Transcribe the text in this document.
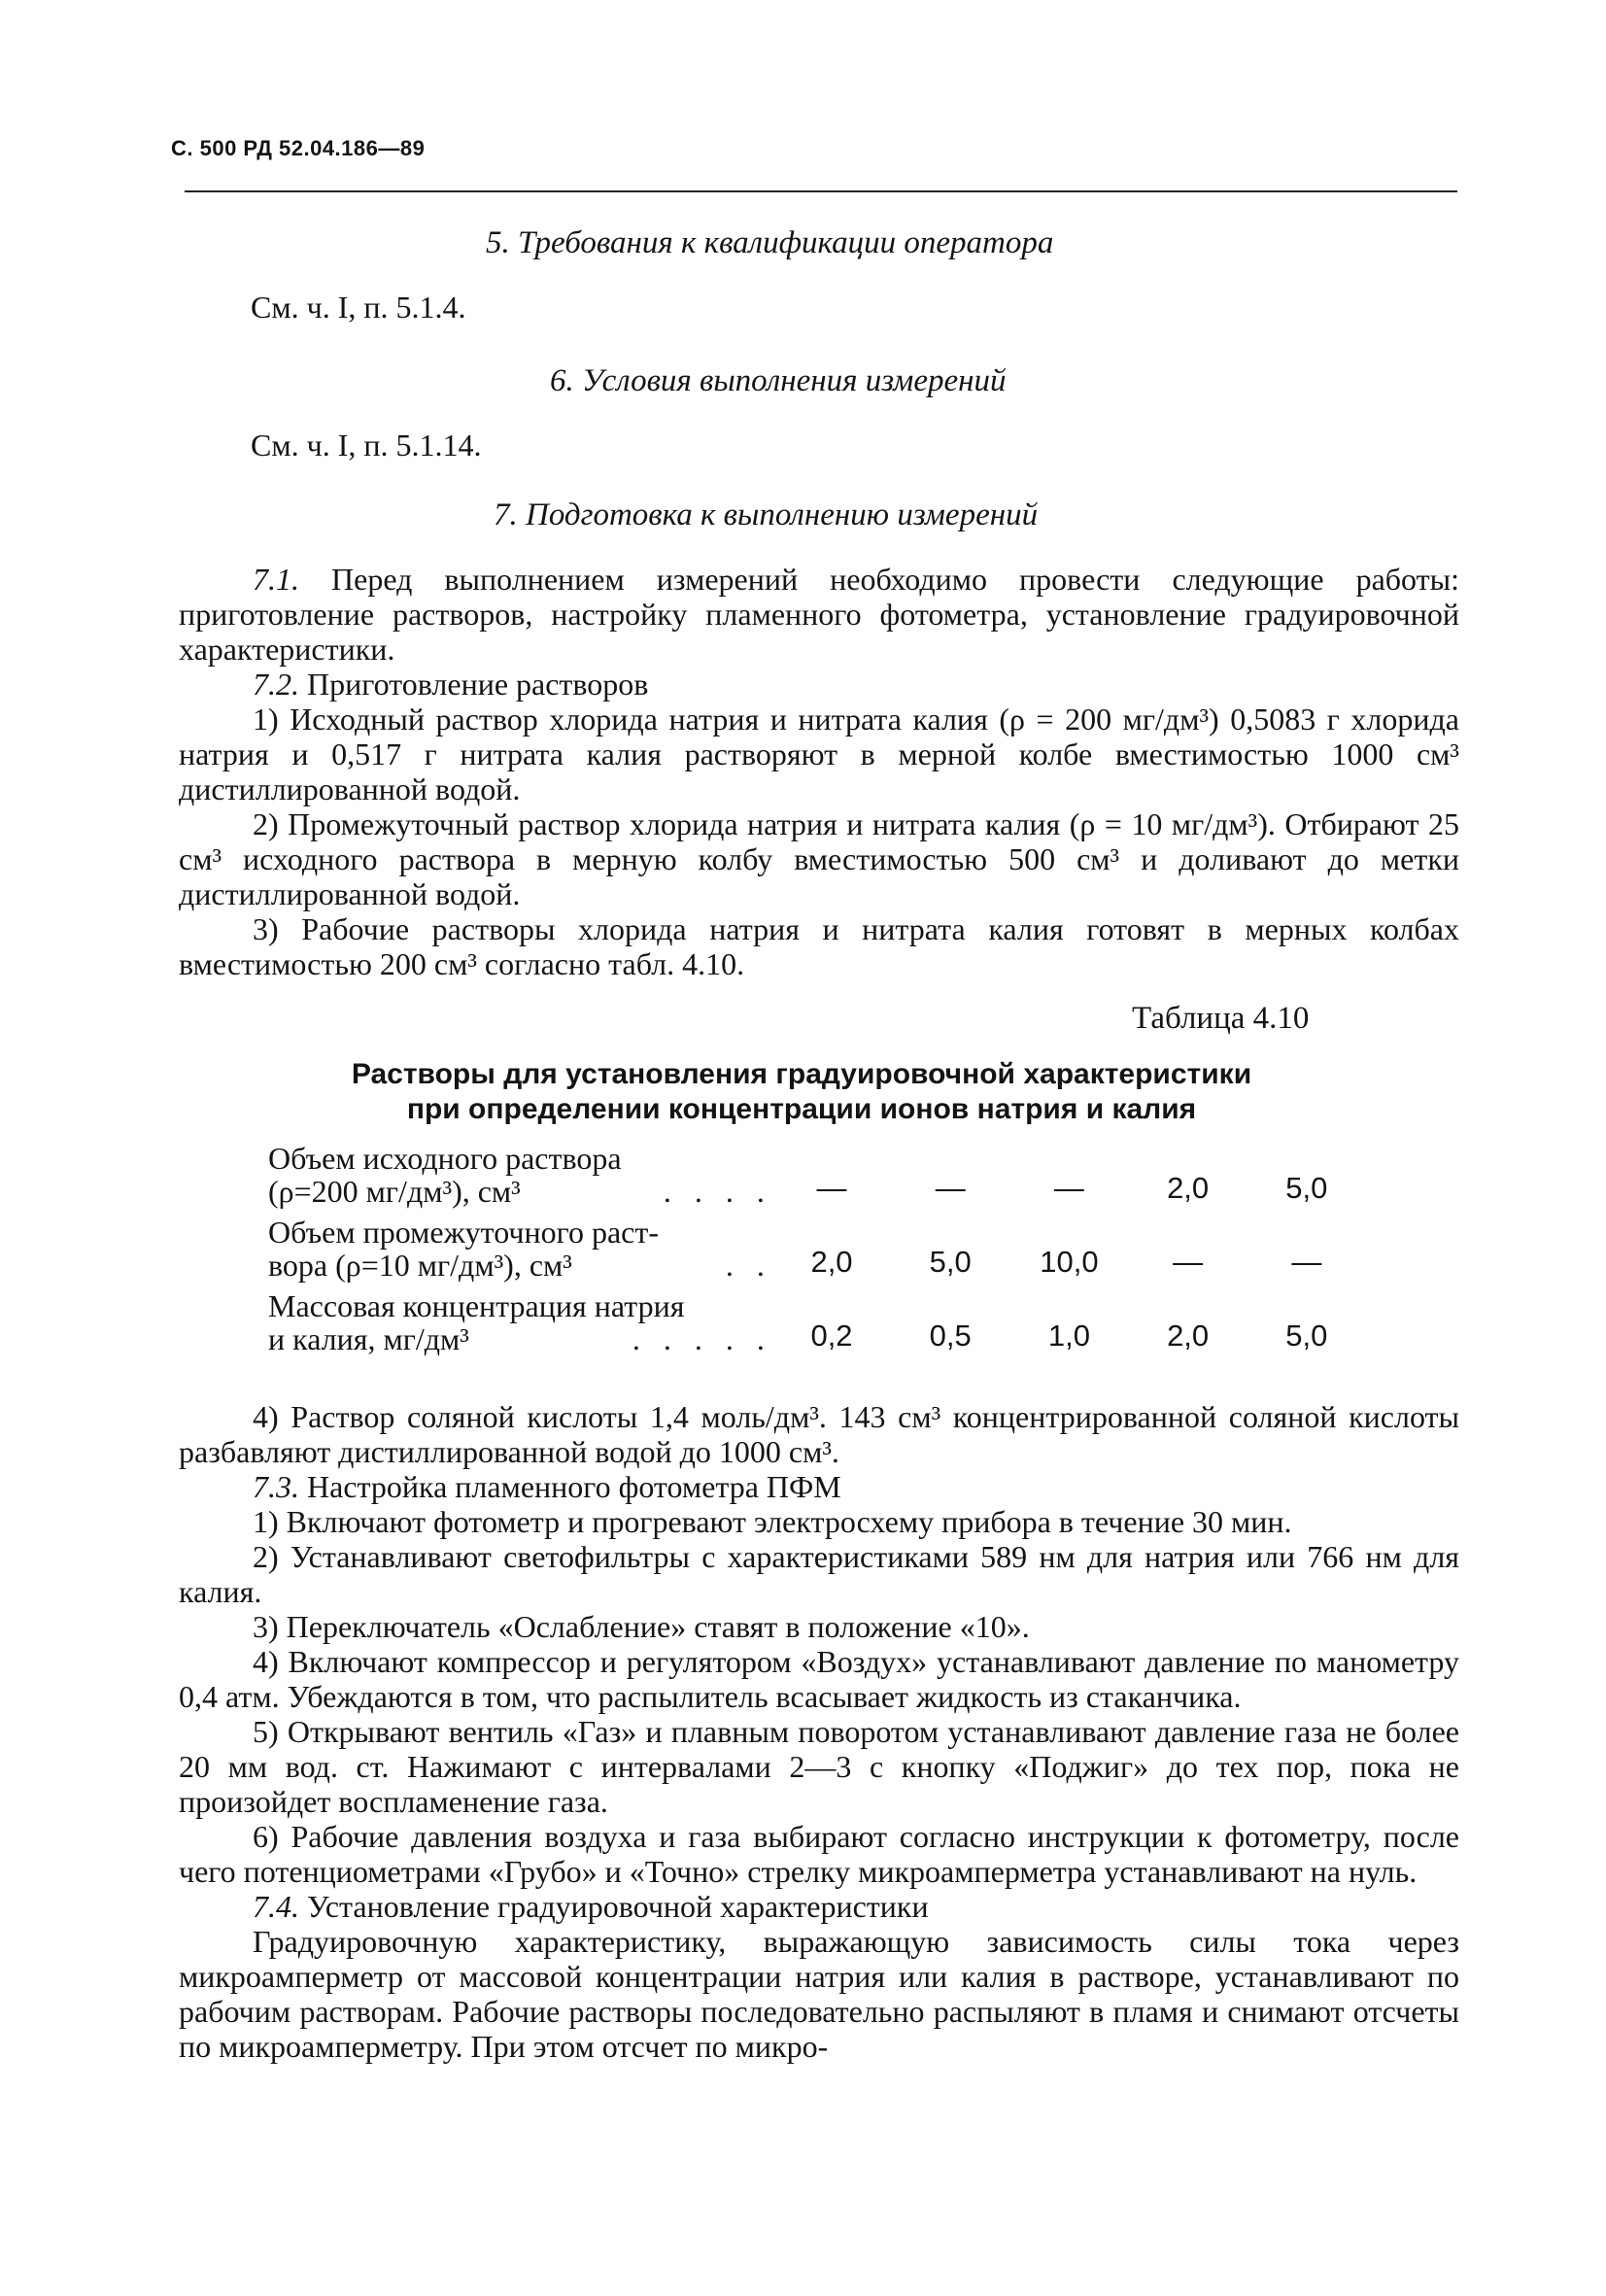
С. 500 РД 52.04.186—89
5. Требования к квалификации оператора
См. ч. I, п. 5.1.4.
6. Условия выполнения измерений
См. ч. I, п. 5.1.14.
7. Подготовка к выполнению измерений

7.1. Перед выполнением измерений необходимо провести следующие работы: приготовление растворов, настройку пламенного фотометра, установление градуировочной характеристики.

7.2. Приготовление растворов

1) Исходный раствор хлорида натрия и нитрата калия (ρ = 200 мг/дм³) 0,5083 г хлорида натрия и 0,517 г нитрата калия растворяют в мерной колбе вместимостью 1000 см³ дистиллированной водой.

2) Промежуточный раствор хлорида натрия и нитрата калия (ρ = 10 мг/дм³). Отбирают 25 см³ исходного раствора в мерную колбу вместимостью 500 см³ и доливают до метки дистиллированной водой.

3) Рабочие растворы хлорида натрия и нитрата калия готовят в мерных колбах вместимостью 200 см³ согласно табл. 4.10.

Таблица 4.10
Растворы для установления градуировочной характеристики
при определении концентрации ионов натрия и калия
Объем исходного раствора
(ρ=200 мг/дм³), см³ . . . .	—	—	—	2,0	5,0

Объем промежуточного раст-
вора (ρ=10 мг/дм³), см³ . .	2,0	5,0	10,0	—	—

Массовая концентрация натрия
и калия, мг/дм³ . . . . .	0,2	0,5	1,0	2,0	5,0

4) Раствор соляной кислоты 1,4 моль/дм³. 143 см³ концентрированной соляной кислоты разбавляют дистиллированной водой до 1000 см³.

7.3. Настройка пламенного фотометра ПФМ

1) Включают фотометр и прогревают электросхему прибора в течение 30 мин.

2) Устанавливают светофильтры с характеристиками 589 нм для натрия или 766 нм для калия.

3) Переключатель «Ослабление» ставят в положение «10».

4) Включают компрессор и регулятором «Воздух» устанавливают давление по манометру 0,4 атм. Убеждаются в том, что распылитель всасывает жидкость из стаканчика.

5) Открывают вентиль «Газ» и плавным поворотом устанавливают давление газа не более 20 мм вод. ст. Нажимают с интервалами 2—3 с кнопку «Поджиг» до тех пор, пока не произойдет воспламенение газа.

6) Рабочие давления воздуха и газа выбирают согласно инструкции к фотометру, после чего потенциометрами «Грубо» и «Точно» стрелку микроамперметра устанавливают на нуль.

7.4. Установление градуировочной характеристики

Градуировочную характеристику, выражающую зависимость силы тока через микроамперметр от массовой концентрации натрия или калия в растворе, устанавливают по рабочим растворам. Рабочие растворы последовательно распыляют в пламя и снимают отсчеты по микроамперметру. При этом отсчет по микро-
